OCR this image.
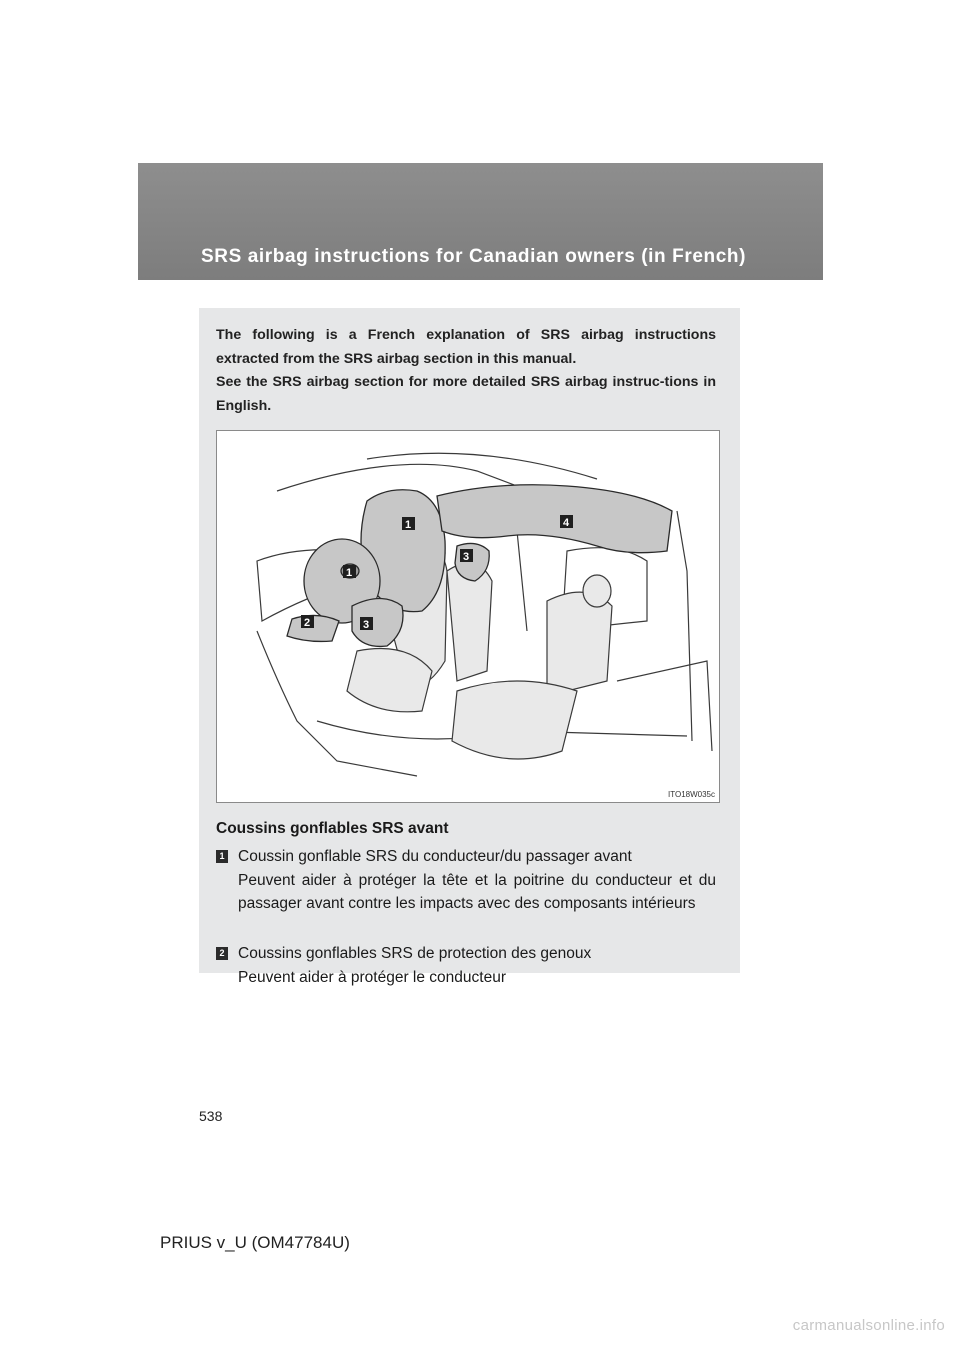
SRS airbag instructions for Canadian owners (in French)

The following is a French explanation of SRS airbag instructions extracted from the SRS airbag section in this manual.

See the SRS airbag section for more detailed SRS airbag instruc-tions in English.

1
1
2	3
3
4
ITO18W035c
Coussins gonflables SRS avant
1 Coussin gonflable SRS du conducteur/du passager avant
Peuvent aider à protéger la tête et la poitrine du conducteur et du passager avant contre les impacts avec des composants intérieurs
2 Coussins gonflables SRS de protection des genoux
Peuvent aider à protéger le conducteur
538
PRIUS v_U (OM47784U)
carmanualsonline.info
